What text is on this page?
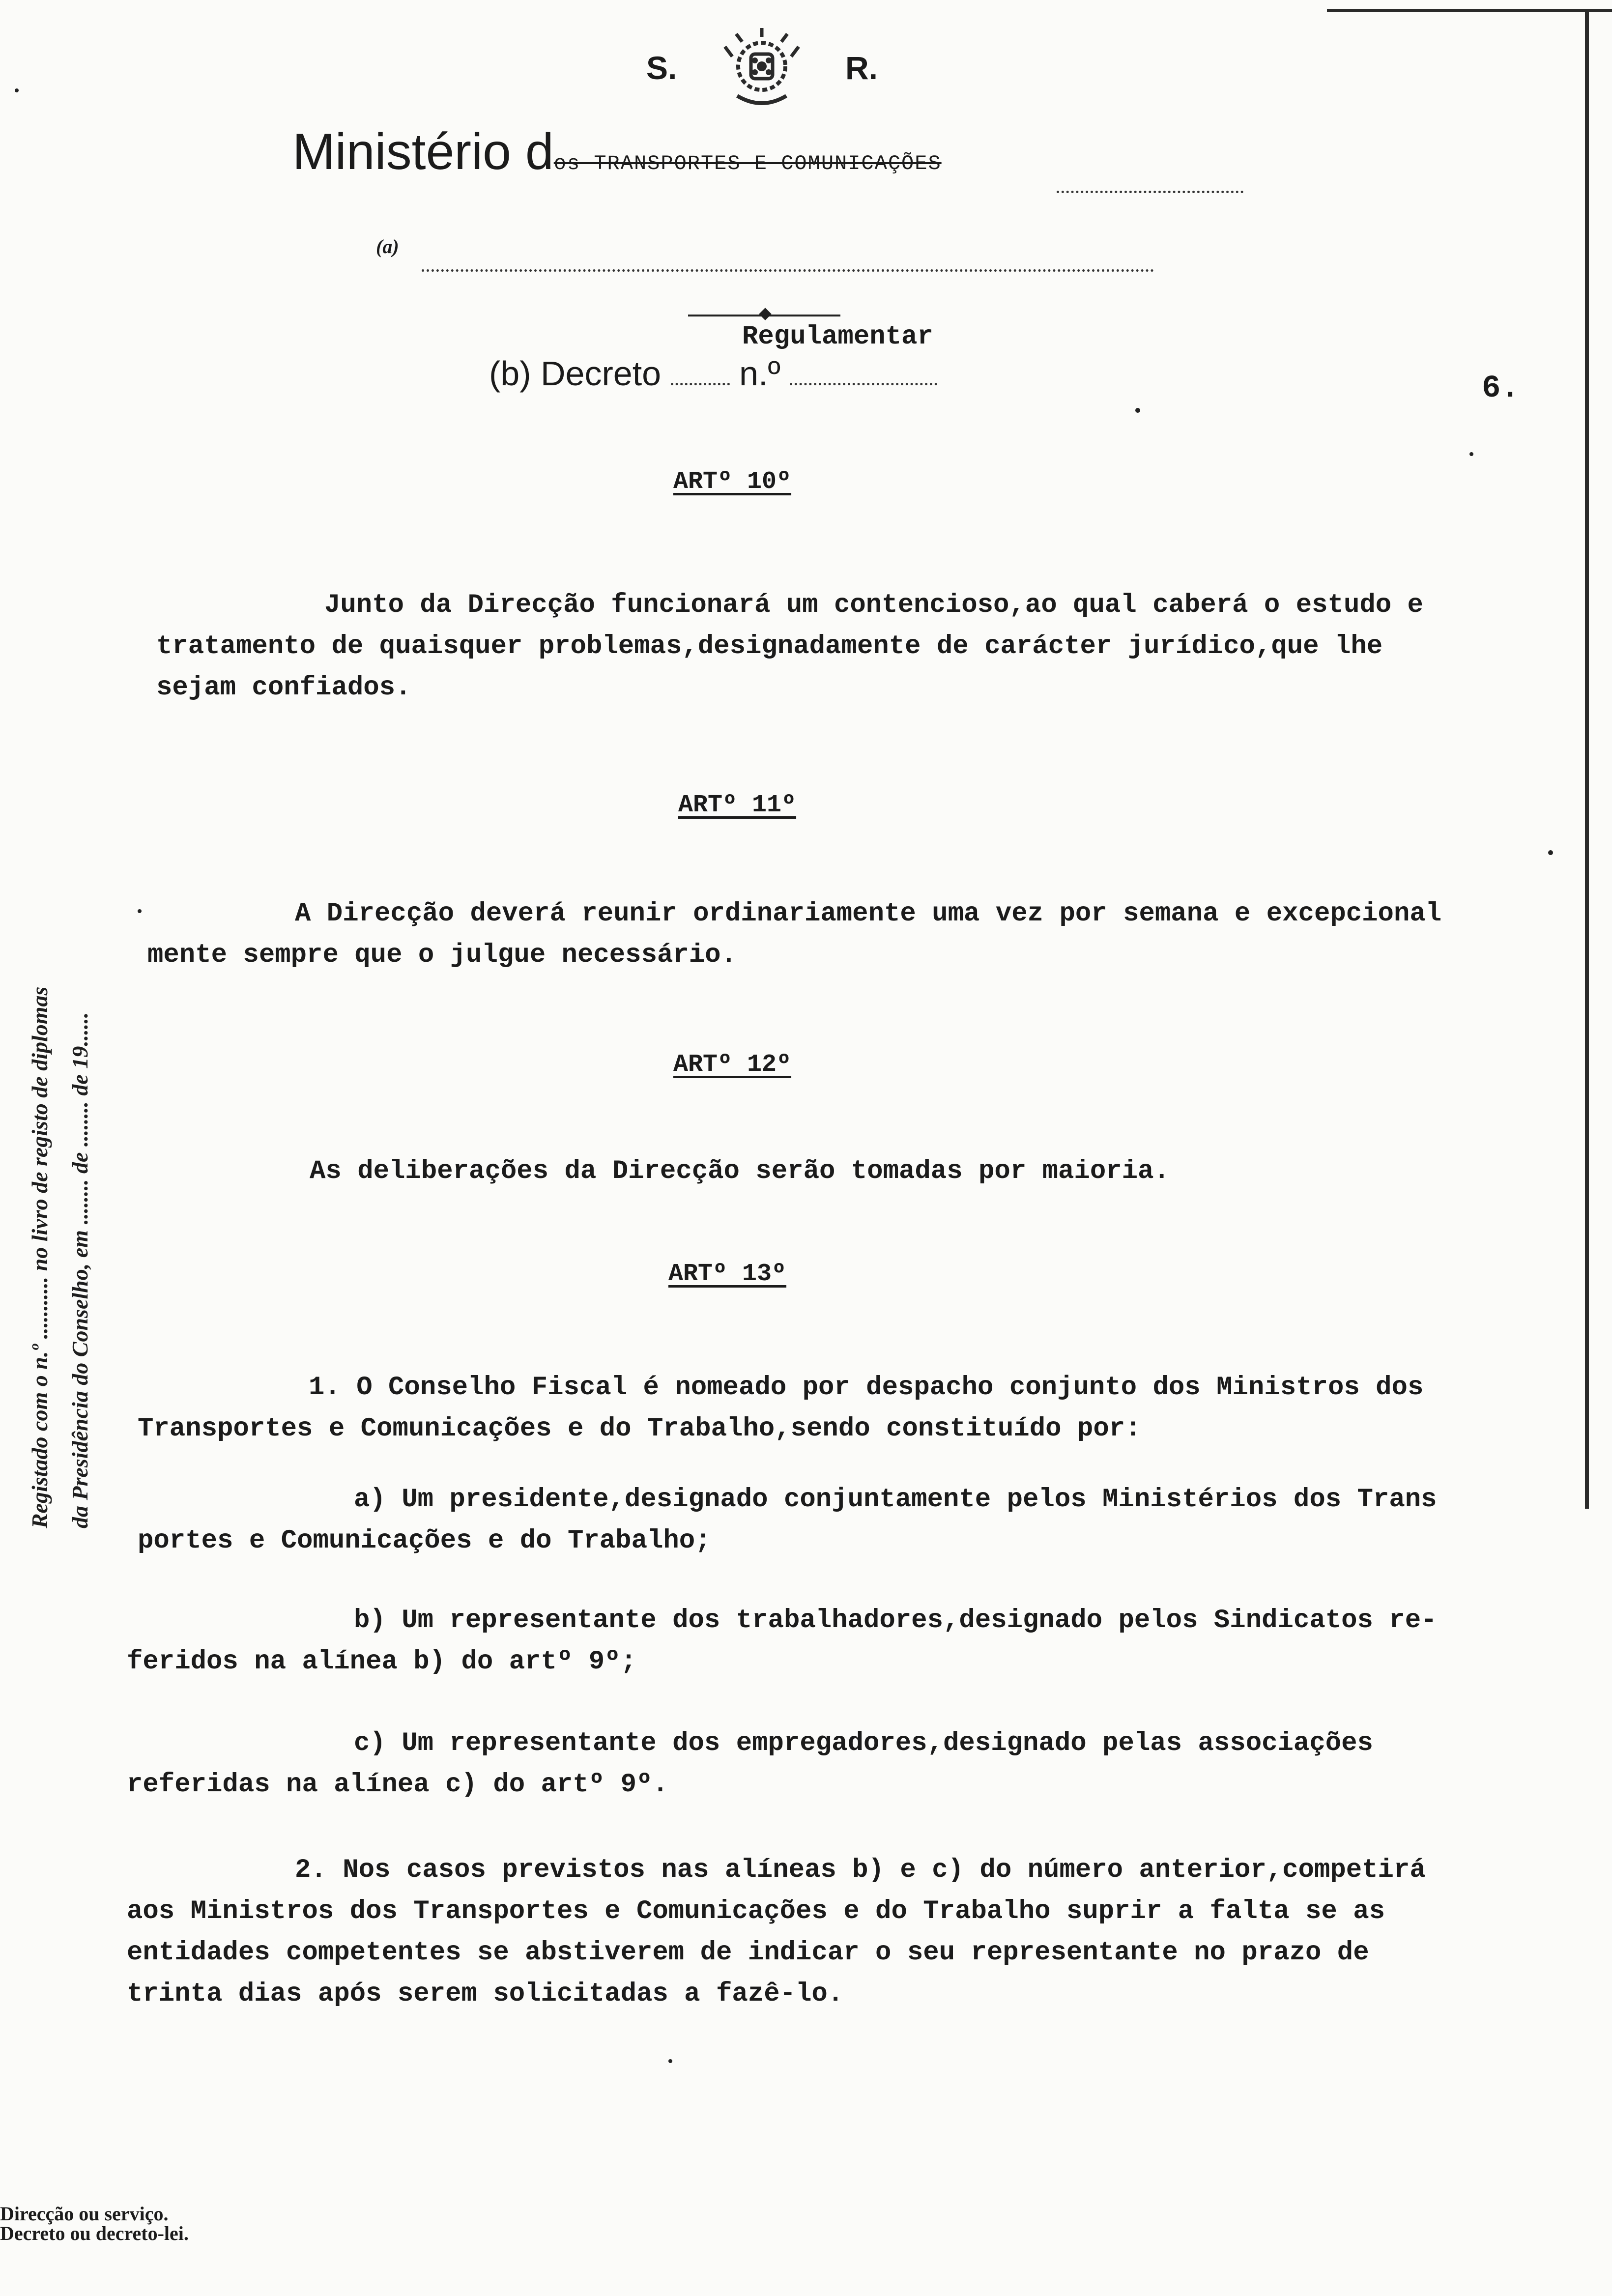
S.	R.
Ministério dos TRANSPORTES E COMUNICAÇÕES
(a)
Regulamentar
(b) Decreto n.º	6.
ARTº 10º
Junto da Direcção funcionará um contencioso,ao qual caberá o estudo e
tratamento de quaisquer problemas,designadamente de carácter jurídico,que lhe
sejam confiados.
ARTº 11º
A Direcção deverá reunir ordinariamente uma vez por semana e excepcional
mente sempre que o julgue necessário.
ARTº 12º
As deliberações da Direcção serão tomadas por maioria.
ARTº 13º
1. O Conselho Fiscal é nomeado por despacho conjunto dos Ministros dos
Transportes e Comunicações e do Trabalho,sendo constituído por:
a) Um presidente,designado conjuntamente pelos Ministérios dos Trans
portes e Comunicações e do Trabalho;
b) Um representante dos trabalhadores,designado pelos Sindicatos re-
feridos na alínea b) do artº 9º;
c) Um representante dos empregadores,designado pelas associações
referidas na alínea c) do artº 9º.
2. Nos casos previstos nas alíneas b) e c) do número anterior,competirá
aos Ministros dos Transportes e Comunicações e do Trabalho suprir a falta se as
entidades competentes se abstiverem de indicar o seu representante no prazo de
trinta dias após serem solicitadas a fazê-lo.
Registado com o n.º ........... no livro de registo de diplomas da Presidência do Conselho, em ........ de ........ de 19......
Direcção ou serviço.
Decreto ou decreto-lei.
